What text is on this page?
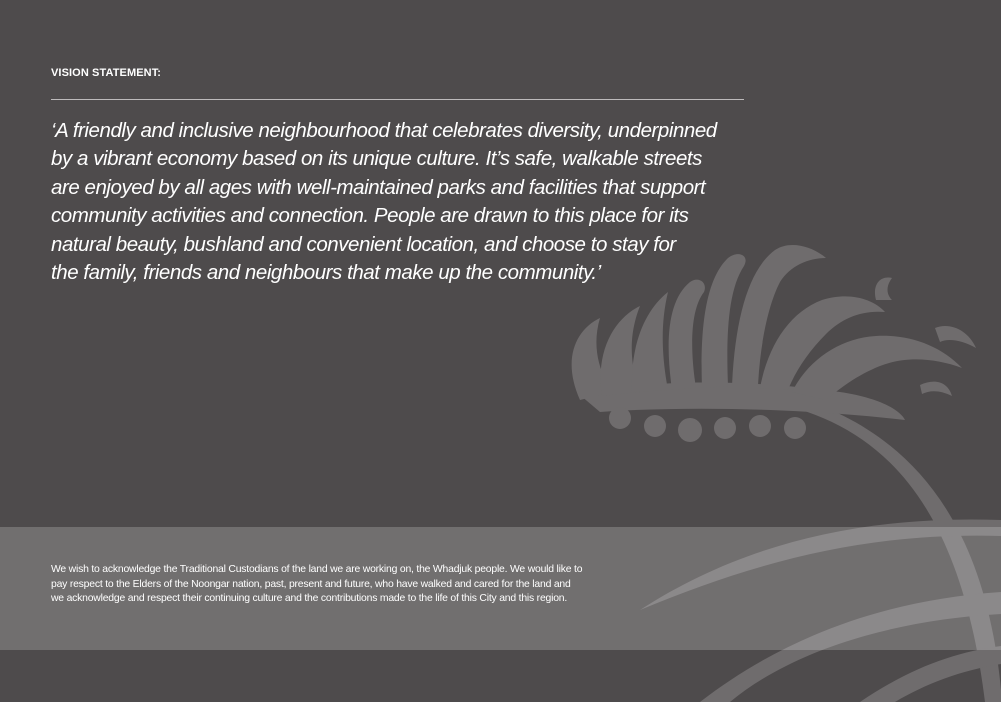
VISION STATEMENT:

‘A friendly and inclusive neighbourhood that celebrates diversity, underpinned
by a vibrant economy based on its unique culture. It’s safe, walkable streets
are enjoyed by all ages with well-maintained parks and facilities that support
community activities and connection. People are drawn to this place for its
natural beauty, bushland and convenient location, and choose to stay for
the family, friends and neighbours that make up the community.’

We wish to acknowledge the Traditional Custodians of the land we are working on, the Whadjuk people. We would like to
pay respect to the Elders of the Noongar nation, past, present and future, who have walked and cared for the land and
we acknowledge and respect their continuing culture and the contributions made to the life of this City and this region.
